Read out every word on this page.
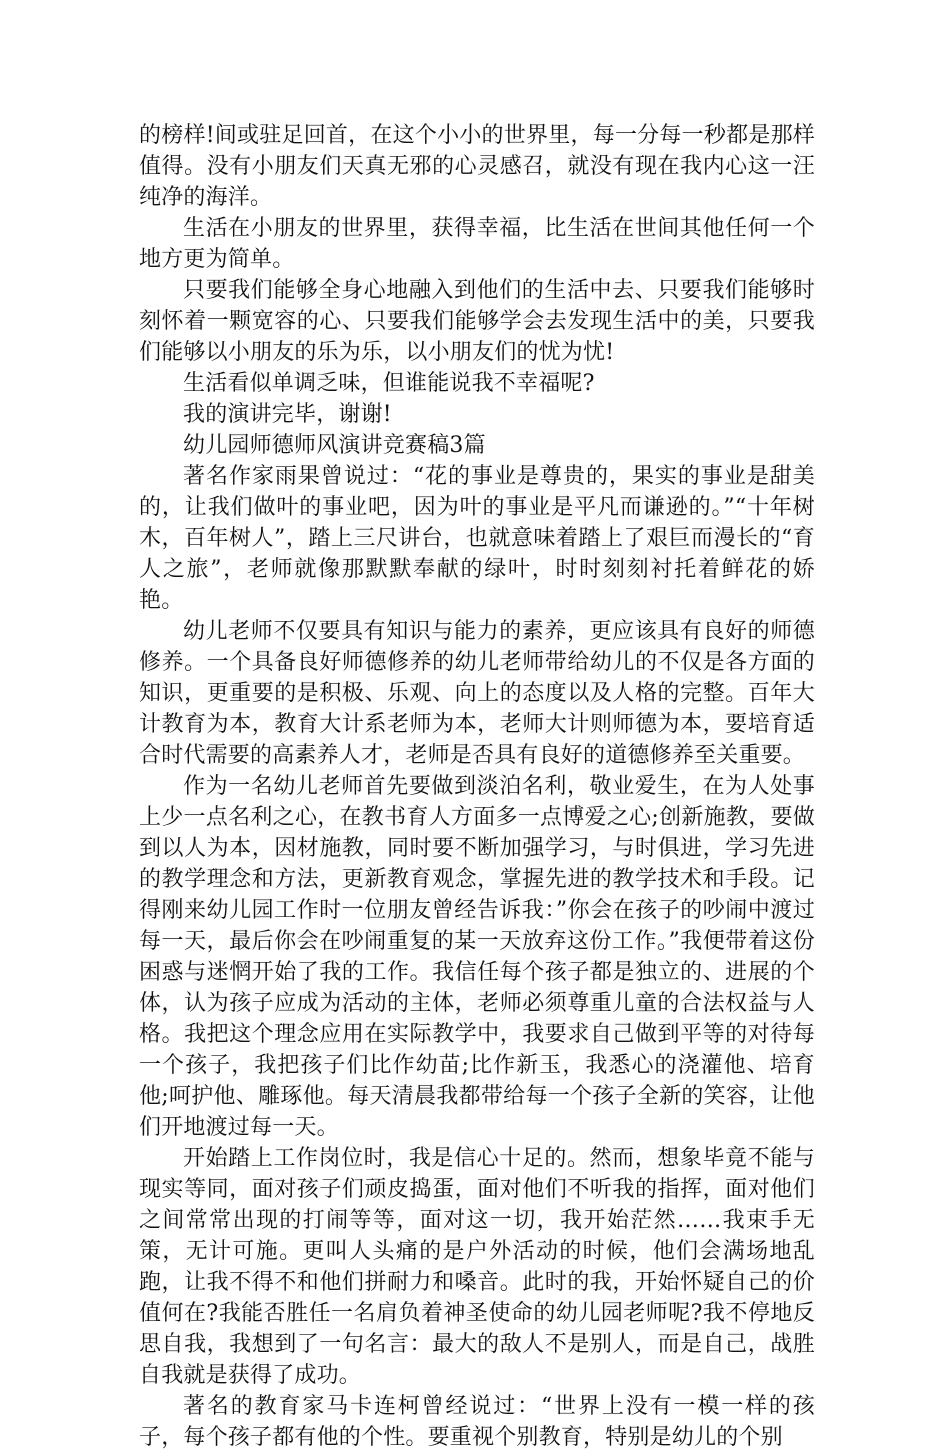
的榜样!间或驻足回首，在这个小小的世界里，每一分每一秒都是那样值得。没有小朋友们天真无邪的心灵感召，就没有现在我内心这一汪纯净的海洋。

生活在小朋友的世界里，获得幸福，比生活在世间其他任何一个地方更为简单。

只要我们能够全身心地融入到他们的生活中去、只要我们能够时刻怀着一颗宽容的心、只要我们能够学会去发现生活中的美，只要我们能够以小朋友的乐为乐，以小朋友们的忧为忧!

生活看似单调乏味，但谁能说我不幸福呢?

我的演讲完毕，谢谢!

幼儿园师德师风演讲竞赛稿3篇

著名作家雨果曾说过：“花的事业是尊贵的，果实的事业是甜美的，让我们做叶的事业吧，因为叶的事业是平凡而谦逊的。”“十年树木，百年树人”，踏上三尺讲台，也就意味着踏上了艰巨而漫长的“育人之旅”，老师就像那默默奉献的绿叶，时时刻刻衬托着鲜花的娇艳。

幼儿老师不仅要具有知识与能力的素养，更应该具有良好的师德修养。一个具备良好师德修养的幼儿老师带给幼儿的不仅是各方面的知识，更重要的是积极、乐观、向上的态度以及人格的完整。百年大计教育为本，教育大计系老师为本，老师大计则师德为本，要培育适合时代需要的高素养人才，老师是否具有良好的道德修养至关重要。

作为一名幼儿老师首先要做到淡泊名利，敬业爱生，在为人处事上少一点名利之心，在教书育人方面多一点博爱之心;创新施教，要做到以人为本，因材施教，同时要不断加强学习，与时俱进，学习先进的教学理念和方法，更新教育观念，掌握先进的教学技术和手段。记得刚来幼儿园工作时一位朋友曾经告诉我：”你会在孩子的吵闹中渡过每一天，最后你会在吵闹重复的某一天放弃这份工作。”我便带着这份困惑与迷惘开始了我的工作。我信任每个孩子都是独立的、进展的个体，认为孩子应成为活动的主体，老师必须尊重儿童的合法权益与人格。我把这个理念应用在实际教学中，我要求自己做到平等的对待每一个孩子，我把孩子们比作幼苗;比作新玉，我悉心的浇灌他、培育他;呵护他、雕琢他。每天清晨我都带给每一个孩子全新的笑容，让他们开地渡过每一天。

开始踏上工作岗位时，我是信心十足的。然而，想象毕竟不能与现实等同，面对孩子们顽皮捣蛋，面对他们不听我的指挥，面对他们之间常常出现的打闹等等，面对这一切，我开始茫然……我束手无策，无计可施。更叫人头痛的是户外活动的时候，他们会满场地乱跑，让我不得不和他们拼耐力和嗓音。此时的我，开始怀疑自己的价值何在?我能否胜任一名肩负着神圣使命的幼儿园老师呢?我不停地反思自我，我想到了一句名言：最大的敌人不是别人，而是自己，战胜自我就是获得了成功。

著名的教育家马卡连柯曾经说过：“世界上没有一模一样的孩子，每个孩子都有他的个性。要重视个别教育，特别是幼儿的个别
